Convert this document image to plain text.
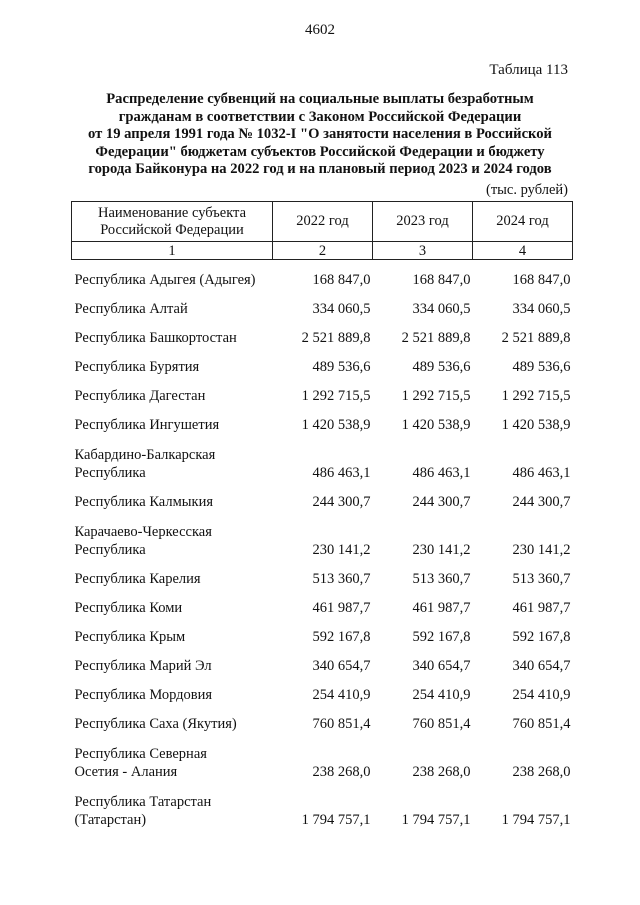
4602
Таблица 113
Распределение субвенций на социальные выплаты безработным
гражданам в соответствии с Законом Российской Федерации
от 19 апреля 1991 года № 1032-I "О занятости населения в Российской
Федерации" бюджетам субъектов Российской Федерации и бюджету
города Байконура на 2022 год и на плановый период 2023 и 2024 годов
(тыс. рублей)
Наименование субъекта
Российской Федерации	2022 год	2023 год	2024 год
1	2	3	4

Республика Адыгея (Адыгея)	168 847,0	168 847,0	168 847,0

Республика Алтай	334 060,5	334 060,5	334 060,5

Республика Башкортостан	2 521 889,8	2 521 889,8	2 521 889,8

Республика Бурятия	489 536,6	489 536,6	489 536,6

Республика Дагестан	1 292 715,5	1 292 715,5	1 292 715,5

Республика Ингушетия	1 420 538,9	1 420 538,9	1 420 538,9

Кабардино-Балкарская
Республика	486 463,1	486 463,1	486 463,1

Республика Калмыкия	244 300,7	244 300,7	244 300,7

Карачаево-Черкесская
Республика	230 141,2	230 141,2	230 141,2

Республика Карелия	513 360,7	513 360,7	513 360,7

Республика Коми	461 987,7	461 987,7	461 987,7

Республика Крым	592 167,8	592 167,8	592 167,8

Республика Марий Эл	340 654,7	340 654,7	340 654,7

Республика Мордовия	254 410,9	254 410,9	254 410,9

Республика Саха (Якутия)	760 851,4	760 851,4	760 851,4

Республика Северная
Осетия - Алания	238 268,0	238 268,0	238 268,0

Республика Татарстан
(Татарстан)	1 794 757,1	1 794 757,1	1 794 757,1
